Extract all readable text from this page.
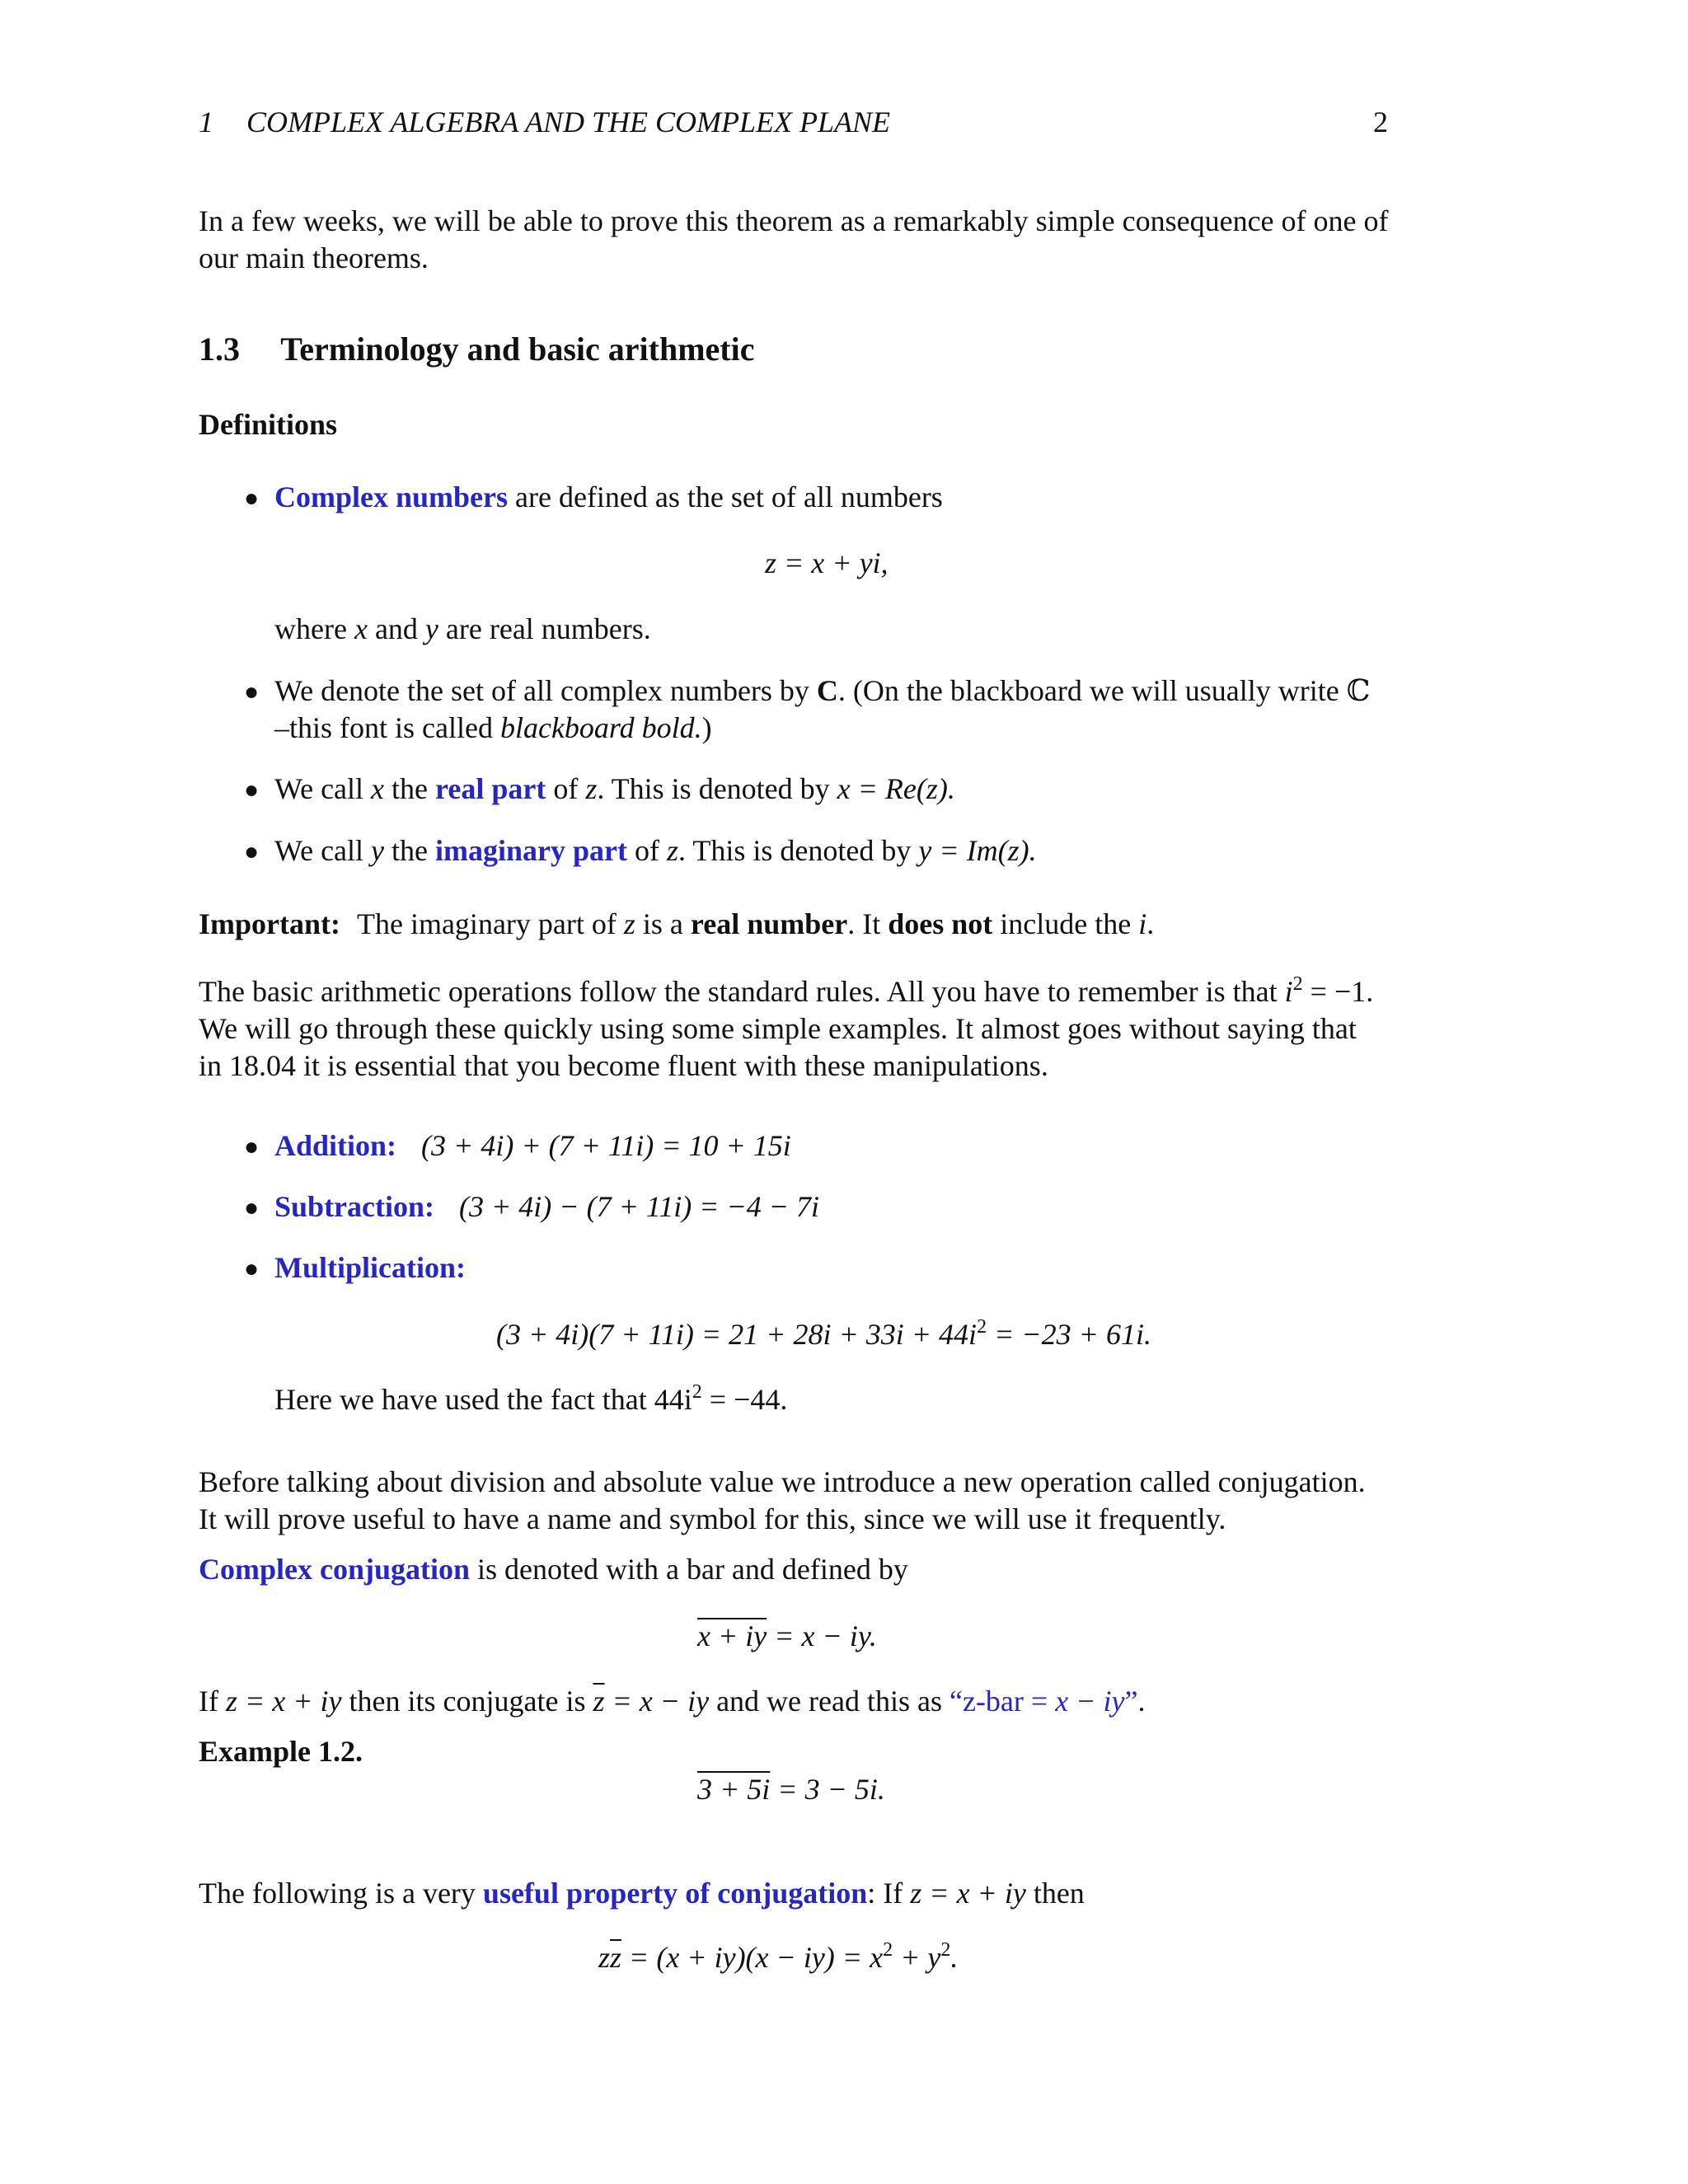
1 COMPLEX ALGEBRA AND THE COMPLEX PLANE	2
In a few weeks, we will be able to prove this theorem as a remarkably simple consequence of one of
our main theorems.
1.3 Terminology and basic arithmetic
Definitions
● Complex numbers are defined as the set of all numbers
z = x + yi,
where x and y are real numbers.
● We denote the set of all complex numbers by C. (On the blackboard we will usually write ℂ
–this font is called blackboard bold.)
● We call x the real part of z. This is denoted by x = Re(z).
● We call y the imaginary part of z. This is denoted by y = Im(z).
Important: The imaginary part of z is a real number. It does not include the i.
The basic arithmetic operations follow the standard rules. All you have to remember is that $i^2 = -1$.
We will go through these quickly using some simple examples. It almost goes without saying that
in 18.04 it is essential that you become fluent with these manipulations.
● Addition: (3 + 4i) + (7 + 11i) = 10 + 15i
● Subtraction: (3 + 4i) − (7 + 11i) = −4 − 7i
● Multiplication:
$(3 + 4i)(7 + 11i) = 21 + 28i + 33i + 44i^2 = -23 + 61i$.
Here we have used the fact that $44i^2 = -44$.
Before talking about division and absolute value we introduce a new operation called conjugation.
It will prove useful to have a name and symbol for this, since we will use it frequently.
Complex conjugation is denoted with a bar and defined by
x + iy = x − iy.
If z = x + iy then its conjugate is $\overline{z} = x$ − iy and we read this as “z-bar = x − iy”.
Example 1.2.
3 + 5i = 3 − 5i.
The following is a very useful property of conjugation: If z = x + iy then
$z\overline{z} = (x + iy)(x - iy) = x^2 + y^2$.
